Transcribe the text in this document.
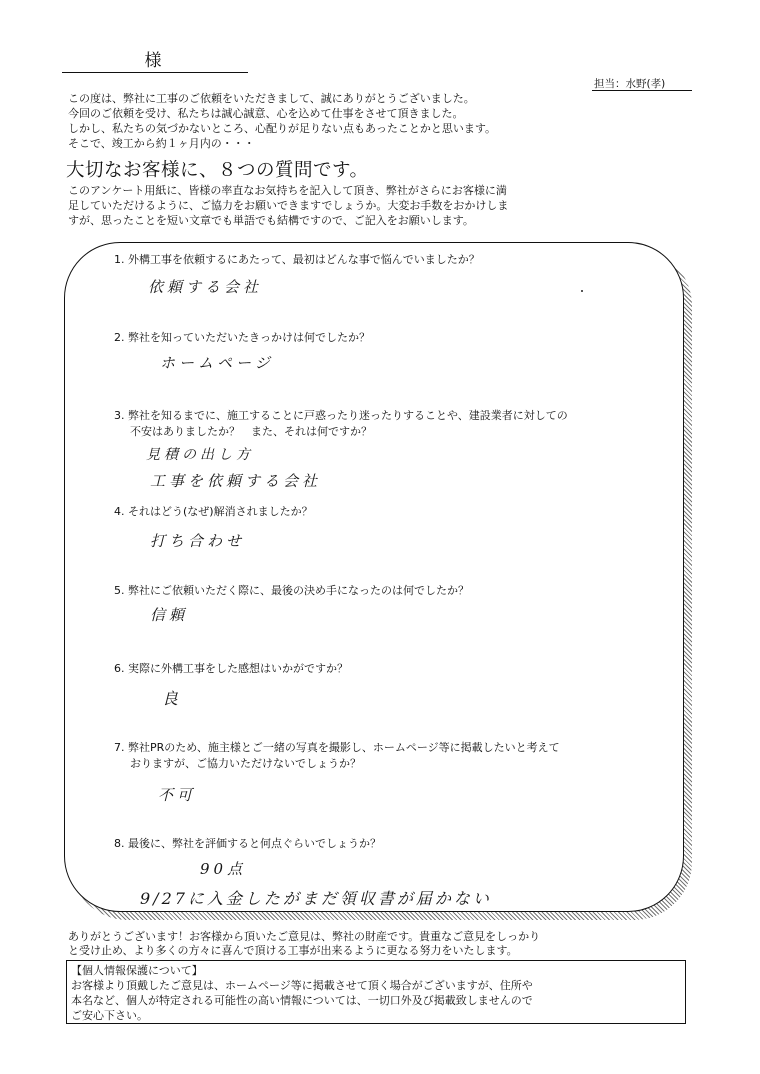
様
担当：水野(孝)
この度は、弊社に工事のご依頼をいただきまして、誠にありがとうございました。
今回のご依頼を受け、私たちは誠心誠意、心を込めて仕事をさせて頂きました。
しかし、私たちの気づかないところ、心配りが足りない点もあったことかと思います。
そこで、竣工から約１ヶ月内の・・・
大切なお客様に、８つの質問です。
このアンケート用紙に、皆様の率直なお気持ちを記入して頂き、弊社がさらにお客様に満
足していただけるように、ご協力をお願いできますでしょうか。大変お手数をおかけしま
すが、思ったことを短い文章でも単語でも結構ですので、ご記入をお願いします。
1. 外構工事を依頼するにあたって、最初はどんな事で悩んでいましたか？
依頼する会社
2. 弊社を知っていただいたきっかけは何でしたか？
ホームページ
3. 弊社を知るまでに、施工することに戸惑ったり迷ったりすることや、建設業者に対しての
不安はありましたか？　また、それは何ですか？
見積の出し方
工事を依頼する会社
4. それはどう(なぜ)解消されましたか？
打ち合わせ
5. 弊社にご依頼いただく際に、最後の決め手になったのは何でしたか？
信頼
6. 実際に外構工事をした感想はいかがですか？
良
7. 弊社PRのため、施主様とご一緒の写真を撮影し、ホームページ等に掲載したいと考えて
おりますが、ご協力いただけないでしょうか？
不可
8. 最後に、弊社を評価すると何点ぐらいでしょうか？
90点
9/27に入金したがまだ領収書が届かない
ありがとうございます！お客様から頂いたご意見は、弊社の財産です。貴重なご意見をしっかり
と受け止め、より多くの方々に喜んで頂ける工事が出来るように更なる努力をいたします。
【個人情報保護について】
お客様より頂戴したご意見は、ホームページ等に掲載させて頂く場合がございますが、住所や
本名など、個人が特定される可能性の高い情報については、一切口外及び掲載致しませんので
ご安心下さい。
